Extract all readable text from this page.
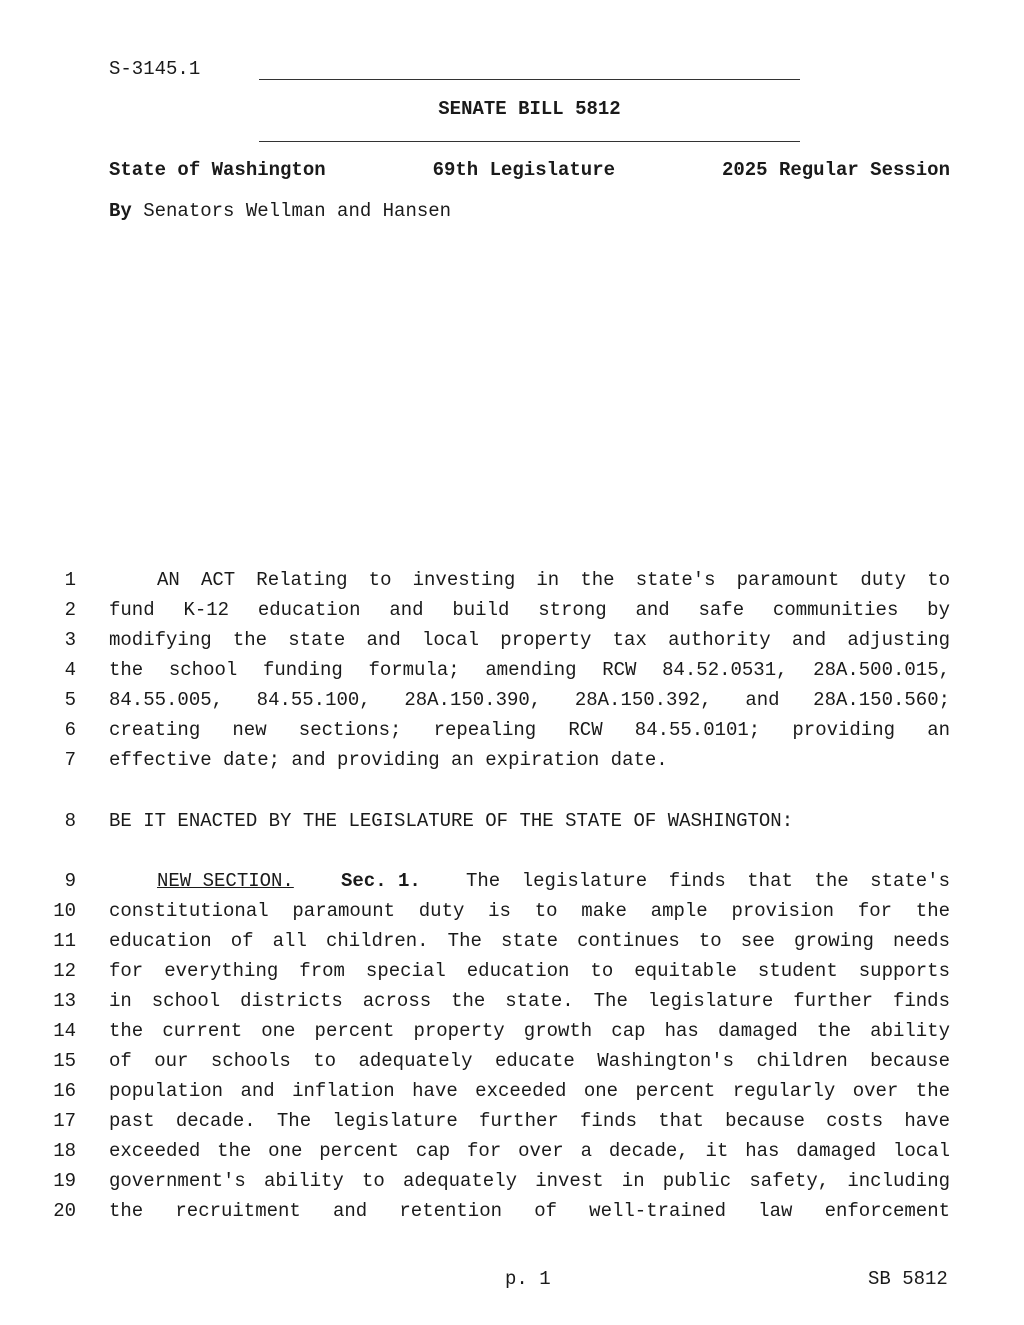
S-3145.1
SENATE BILL 5812
State of Washington	69th Legislature	2025 Regular Session
By Senators Wellman and Hansen
1	AN ACT Relating to investing in the state's paramount duty to
2 fund K-12 education and build strong and safe communities by
3 modifying the state and local property tax authority and adjusting
4 the school funding formula; amending RCW 84.52.0531, 28A.500.015,
5 84.55.005, 84.55.100, 28A.150.390, 28A.150.392, and 28A.150.560;
6 creating new sections; repealing RCW 84.55.0101; providing an
7 effective date; and providing an expiration date.
8 BE IT ENACTED BY THE LEGISLATURE OF THE STATE OF WASHINGTON:
9	NEW SECTION. Sec. 1. The legislature finds that the state's
10 constitutional paramount duty is to make ample provision for the
11 education of all children. The state continues to see growing needs
12 for everything from special education to equitable student supports
13 in school districts across the state. The legislature further finds
14 the current one percent property growth cap has damaged the ability
15 of our schools to adequately educate Washington's children because
16 population and inflation have exceeded one percent regularly over the
17 past decade. The legislature further finds that because costs have
18 exceeded the one percent cap for over a decade, it has damaged local
19 government's ability to adequately invest in public safety, including
20 the recruitment and retention of well-trained law enforcement
p. 1	SB 5812
